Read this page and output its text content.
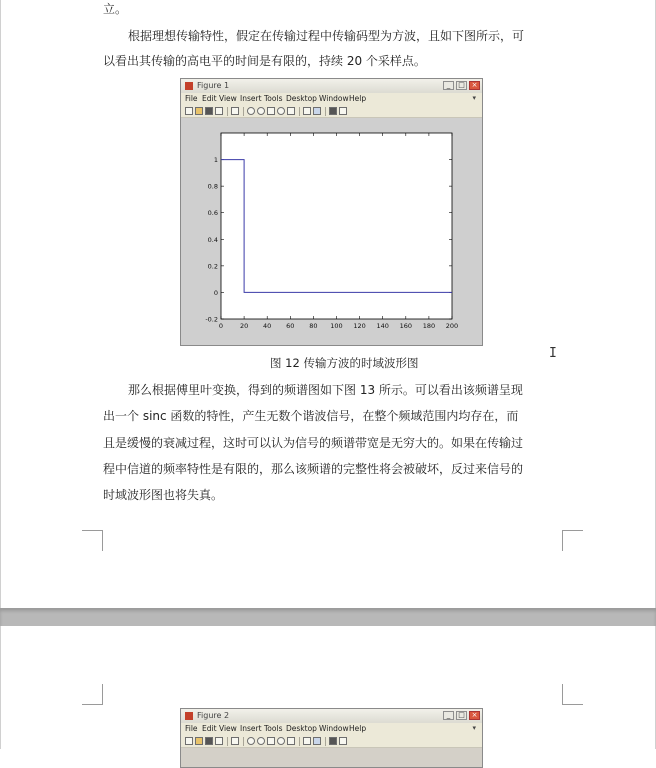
立。
根据理想传输特性，假定在传输过程中传输码型为方波，且如下图所示，可
以看出其传输的高电平的时间是有限的，持续 20 个采样点。
Figure 1	_	□ ×
File Edit View Insert Tools Desktop Window Help	▾
0	20 40 60 80 100 120 140 160 180 200
-0.2
0
0.2
0.4
0.6
0.8
1
图 12 传输方波的时域波形图
I
那么根据傅里叶变换，得到的频谱图如下图 13 所示。可以看出该频谱呈现
出一个 sinc 函数的特性，产生无数个谐波信号，在整个频域范围内均存在，而
且是缓慢的衰减过程，这时可以认为信号的频谱带宽是无穷大的。如果在传输过
程中信道的频率特性是有限的，那么该频谱的完整性将会被破坏，反过来信号的
时域波形图也将失真。
Figure 2	_	□ ×
File Edit View Insert Tools Desktop Window Help	▾
